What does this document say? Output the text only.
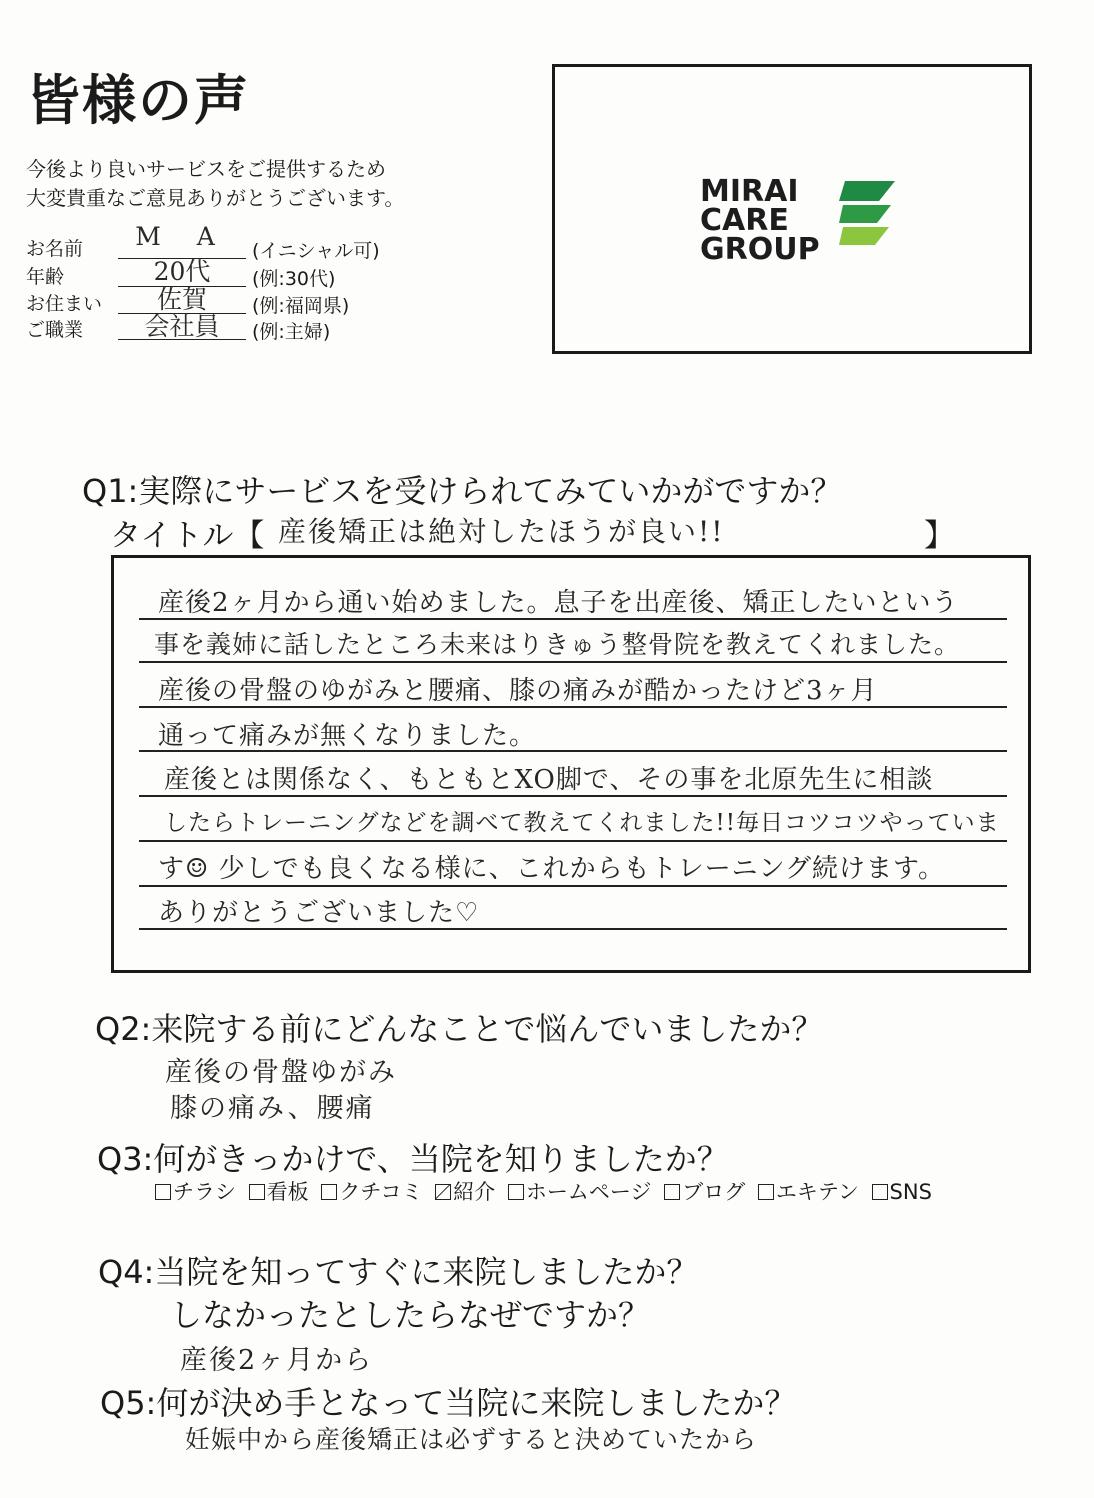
皆様の声
今後より良いサービスをご提供するため
大変貴重なご意見ありがとうございます。
お名前	M A	(イニシャル可)
年齢	20代	(例:30代)
お住まい	佐賀	(例:福岡県)
ご職業	会社員	(例:主婦)
MIRAI
CARE
GROUP
Q1:実際にサービスを受けられてみていかがですか？
タイトル【 産後矯正は絶対したほうが良い!!	】
産後2ヶ月から通い始めました。息子を出産後、矯正したいという
事を義姉に話したところ未来はりきゅう整骨院を教えてくれました。
産後の骨盤のゆがみと腰痛、膝の痛みが酷かったけど3ヶ月
通って痛みが無くなりました。
産後とは関係なく、もともとXO脚で、その事を北原先生に相談
したらトレーニングなどを調べて教えてくれました!!毎日コツコツやっていま
す☺ 少しでも良くなる様に、これからもトレーニング続けます。
ありがとうございました♡
Q2:来院する前にどんなことで悩んでいましたか？
産後の骨盤ゆがみ
膝の痛み、腰痛
Q3:何がきっかけで、当院を知りましたか？
チラシ 看板 クチコミ 紹介 ホームページ ブログ エキテン SNS
Q4:当院を知ってすぐに来院しましたか？
しなかったとしたらなぜですか？
産後2ヶ月から
Q5:何が決め手となって当院に来院しましたか？
妊娠中から産後矯正は必ずすると決めていたから
